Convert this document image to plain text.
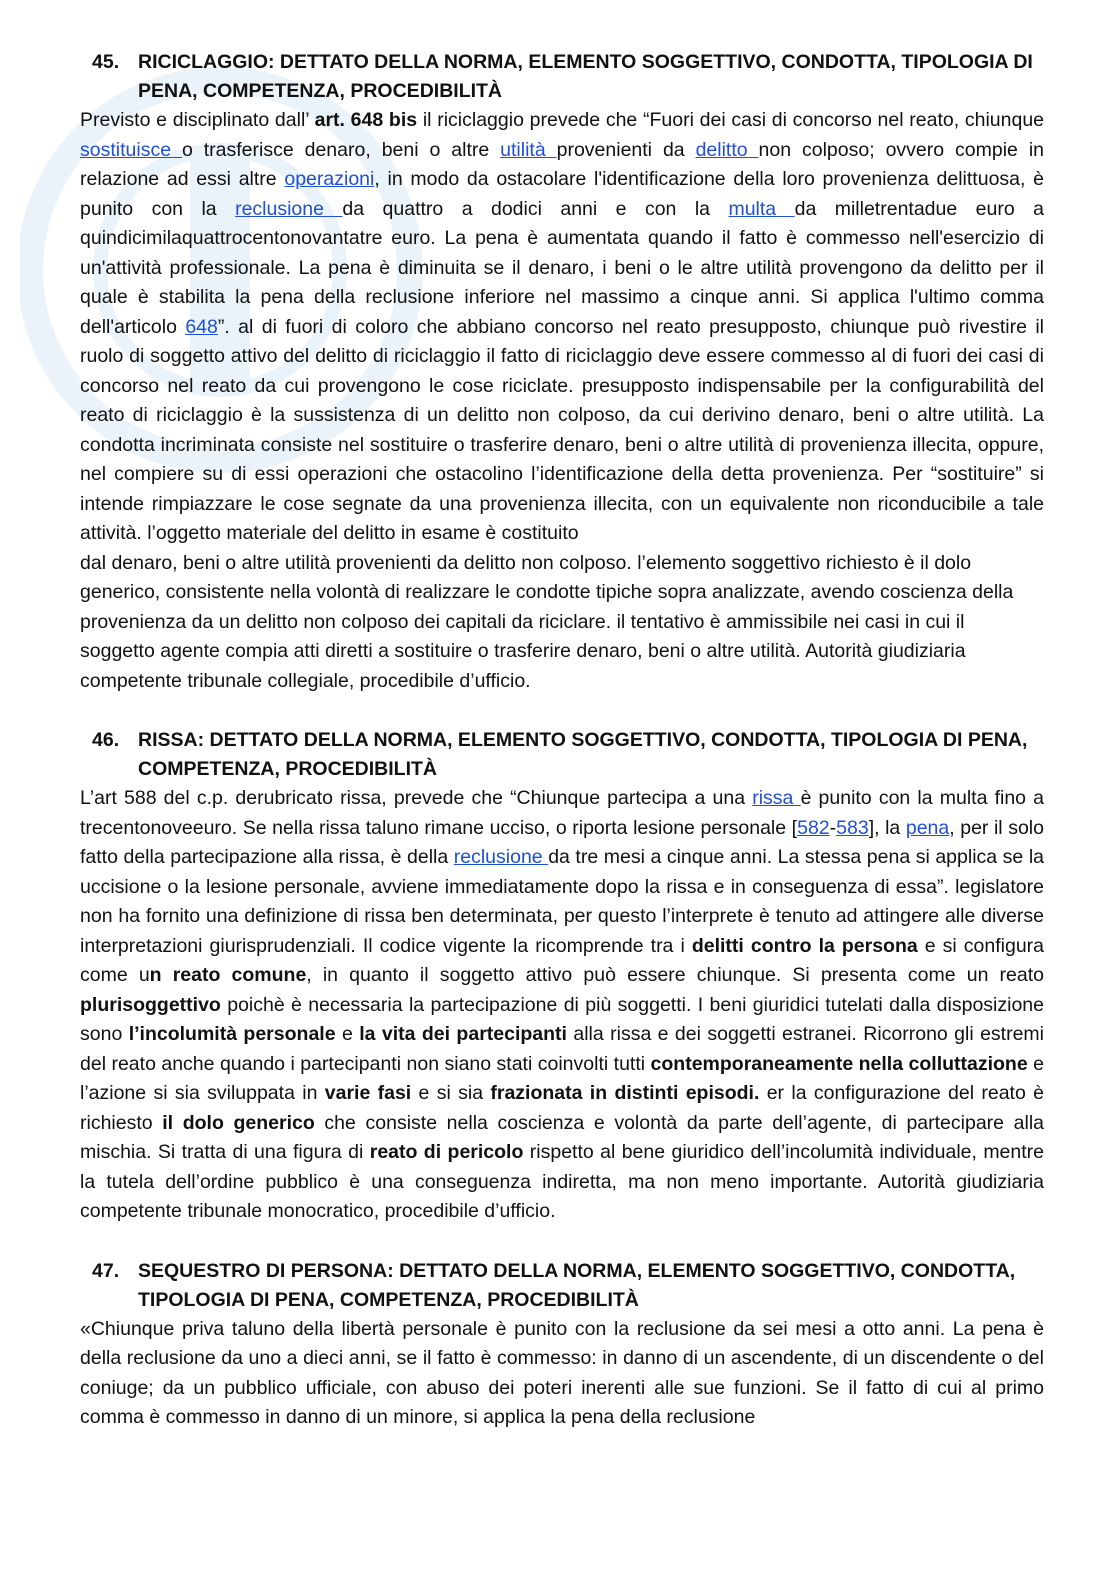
45. RICICLAGGIO: DETTATO DELLA NORMA, ELEMENTO SOGGETTIVO, CONDOTTA, TIPOLOGIA DI PENA, COMPETENZA, PROCEDIBILITÀ

Previsto e disciplinato dall’ art. 648 bis il riciclaggio prevede che “Fuori dei casi di concorso nel reato, chiunque sostituisce o trasferisce denaro, beni o altre utilità provenienti da delitto non colposo; ovvero compie in relazione ad essi altre operazioni, in modo da ostacolare l'identificazione della loro provenienza delittuosa, è punito con la reclusione da quattro a dodici anni e con la multa da milletrentadue euro a quindicimilaquattrocentonovantatre euro. La pena è aumentata quando il fatto è commesso nell'esercizio di un'attività professionale. La pena è diminuita se il denaro, i beni o le altre utilità provengono da delitto per il quale è stabilita la pena della reclusione inferiore nel massimo a cinque anni. Si applica l'ultimo comma dell'articolo 648”. al di fuori di coloro che abbiano concorso nel reato presupposto, chiunque può rivestire il ruolo di soggetto attivo del delitto di riciclaggio il fatto di riciclaggio deve essere commesso al di fuori dei casi di concorso nel reato da cui provengono le cose riciclate. presupposto indispensabile per la configurabilità del reato di riciclaggio è la sussistenza di un delitto non colposo, da cui derivino denaro, beni o altre utilità. La condotta incriminata consiste nel sostituire o trasferire denaro, beni o altre utilità di provenienza illecita, oppure, nel compiere su di essi operazioni che ostacolino l’identificazione della detta provenienza. Per “sostituire” si intende rimpiazzare le cose segnate da una provenienza illecita, con un equivalente non riconducibile a tale attività. l’oggetto materiale del delitto in esame è costituito

dal denaro, beni o altre utilità provenienti da delitto non colposo. l’elemento soggettivo richiesto è il dolo generico, consistente nella volontà di realizzare le condotte tipiche sopra analizzate, avendo coscienza della provenienza da un delitto non colposo dei capitali da riciclare. il tentativo è ammissibile nei casi in cui il soggetto agente compia atti diretti a sostituire o trasferire denaro, beni o altre utilità. Autorità giudiziaria competente tribunale collegiale, procedibile d’ufficio.

46. RISSA: DETTATO DELLA NORMA, ELEMENTO SOGGETTIVO, CONDOTTA, TIPOLOGIA DI PENA, COMPETENZA, PROCEDIBILITÀ

L’art 588 del c.p. derubricato rissa, prevede che “Chiunque partecipa a una rissa è punito con la multa fino a trecentonoveeuro. Se nella rissa taluno rimane ucciso, o riporta lesione personale [582-583], la pena, per il solo fatto della partecipazione alla rissa, è della reclusione da tre mesi a cinque anni. La stessa pena si applica se la uccisione o la lesione personale, avviene immediatamente dopo la rissa e in conseguenza di essa”. legislatore non ha fornito una definizione di rissa ben determinata, per questo l’interprete è tenuto ad attingere alle diverse interpretazioni giurisprudenziali. Il codice vigente la ricomprende tra i delitti contro la persona e si configura come un reato comune, in quanto il soggetto attivo può essere chiunque. Si presenta come un reato plurisoggettivo poichè è necessaria la partecipazione di più soggetti. I beni giuridici tutelati dalla disposizione sono l’incolumità personale e la vita dei partecipanti alla rissa e dei soggetti estranei. Ricorrono gli estremi del reato anche quando i partecipanti non siano stati coinvolti tutti contemporaneamente nella colluttazione e l’azione si sia sviluppata in varie fasi e si sia frazionata in distinti episodi. er la configurazione del reato è richiesto il dolo generico che consiste nella coscienza e volontà da parte dell’agente, di partecipare alla mischia. Si tratta di una figura di reato di pericolo rispetto al bene giuridico dell’incolumità individuale, mentre la tutela dell’ordine pubblico è una conseguenza indiretta, ma non meno importante. Autorità giudiziaria competente tribunale monocratico, procedibile d’ufficio.

47. SEQUESTRO DI PERSONA: DETTATO DELLA NORMA, ELEMENTO SOGGETTIVO, CONDOTTA, TIPOLOGIA DI PENA, COMPETENZA, PROCEDIBILITÀ

«Chiunque priva taluno della libertà personale è punito con la reclusione da sei mesi a otto anni. La pena è della reclusione da uno a dieci anni, se il fatto è commesso: in danno di un ascendente, di un discendente o del coniuge; da un pubblico ufficiale, con abuso dei poteri inerenti alle sue funzioni. Se il fatto di cui al primo comma è commesso in danno di un minore, si applica la pena della reclusione
